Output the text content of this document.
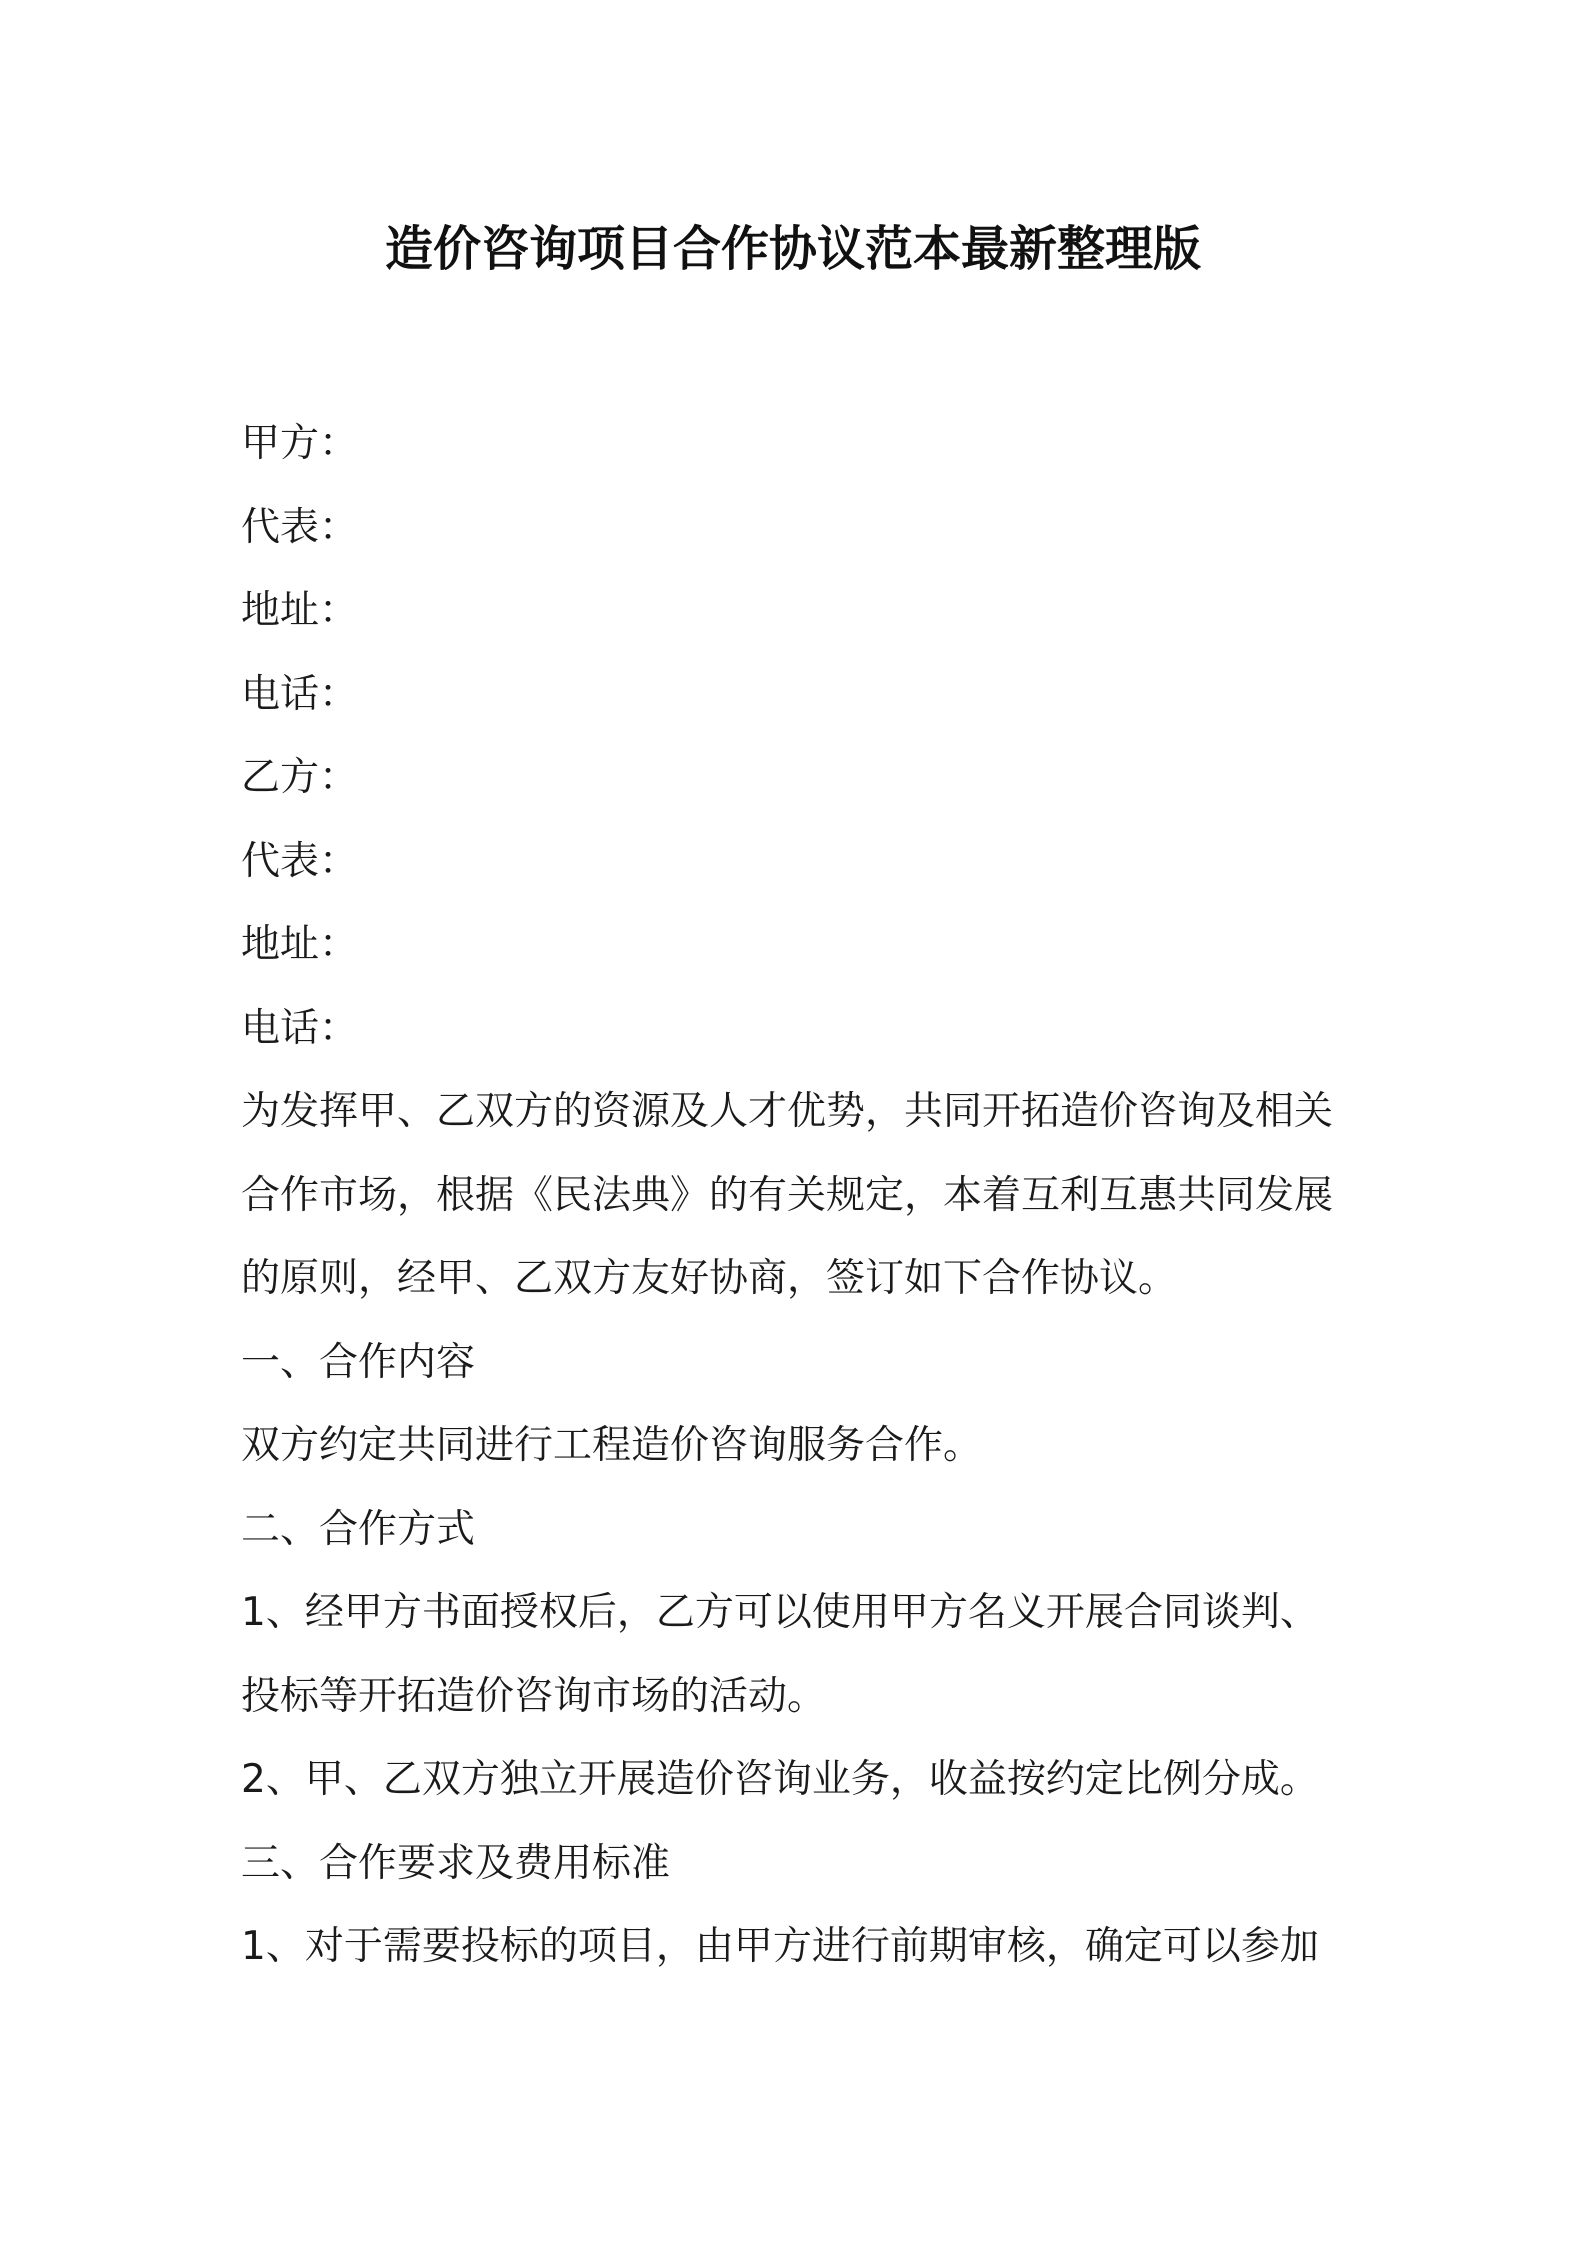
造价咨询项目合作协议范本最新整理版
甲方：
代表：
地址：
电话：
乙方：
代表：
地址：
电话：
为发挥甲、乙双方的资源及人才优势，共同开拓造价咨询及相关
合作市场，根据《民法典》的有关规定，本着互利互惠共同发展
的原则，经甲、乙双方友好协商，签订如下合作协议。
一、合作内容
双方约定共同进行工程造价咨询服务合作。
二、合作方式
1、经甲方书面授权后，乙方可以使用甲方名义开展合同谈判、
投标等开拓造价咨询市场的活动。
2、甲、乙双方独立开展造价咨询业务，收益按约定比例分成。
三、合作要求及费用标准
1、对于需要投标的项目，由甲方进行前期审核，确定可以参加
